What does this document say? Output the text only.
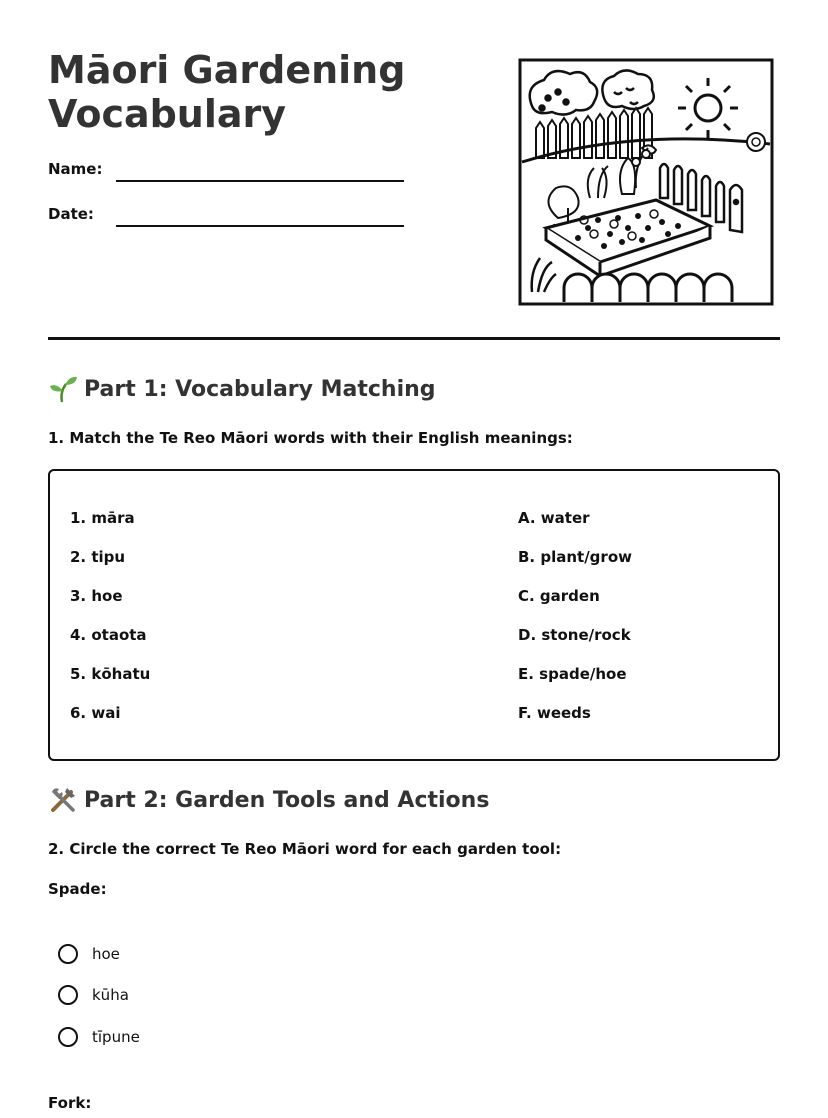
Māori Gardening
Vocabulary
Name:
Date:
Part 1: Vocabulary Matching

1. Match the Te Reo Māori words with their English meanings:

1. māra
2. tipu
3. hoe
4. otaota
5. kōhatu
6. wai
A. water
B. plant/grow
C. garden
D. stone/rock
E. spade/hoe
F. weeds
Part 2: Garden Tools and Actions

2. Circle the correct Te Reo Māori word for each garden tool:

Spade:
hoe
kūha
tīpune
Fork:
